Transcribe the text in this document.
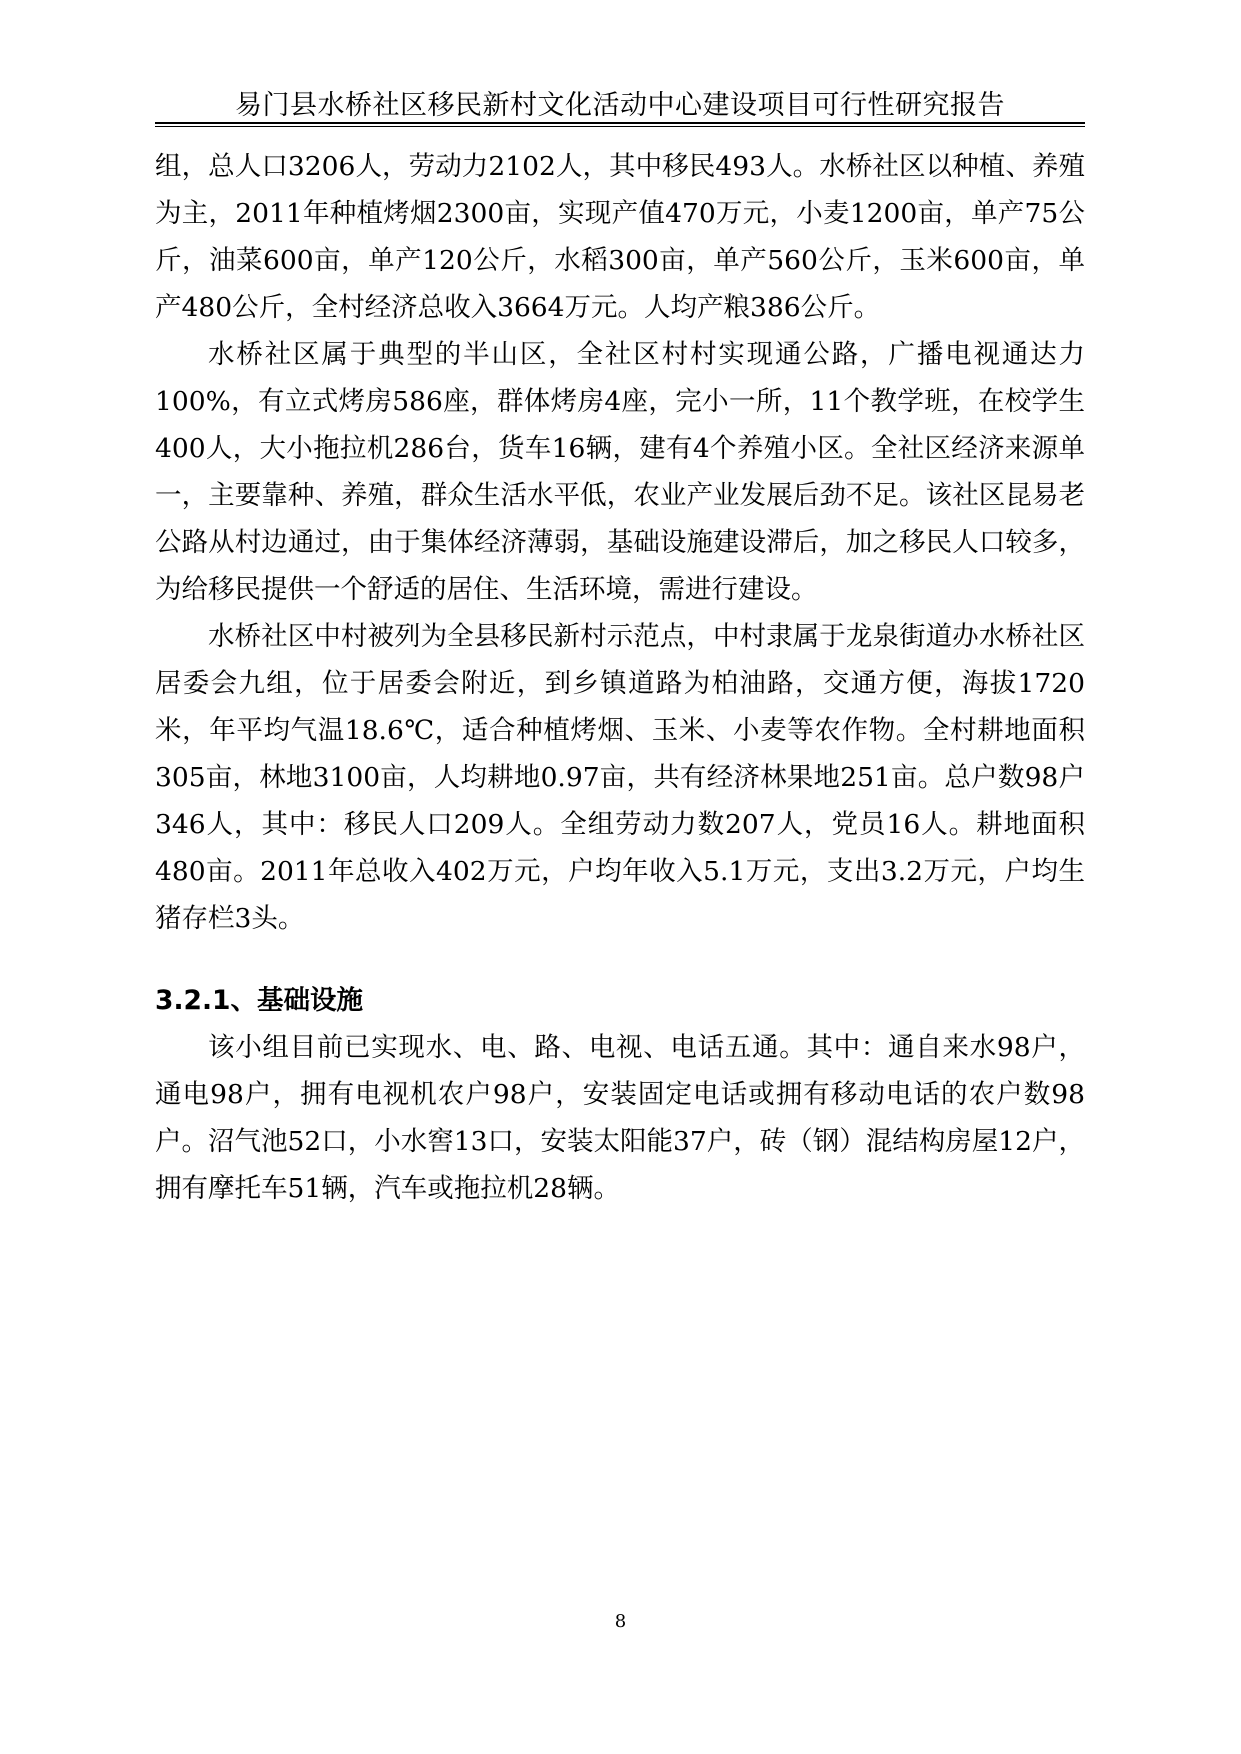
易门县水桥社区移民新村文化活动中心建设项目可行性研究报告

组，总人口3206人，劳动力2102人，其中移民493人。水桥社区以种植、养殖为主，2011年种植烤烟2300亩，实现产值470万元，小麦1200亩，单产75公斤，油菜600亩，单产120公斤，水稻300亩，单产560公斤，玉米600亩，单产480公斤，全村经济总收入3664万元。人均产粮386公斤。

水桥社区属于典型的半山区，全社区村村实现通公路，广播电视通达力100%，有立式烤房586座，群体烤房4座，完小一所，11个教学班，在校学生400人，大小拖拉机286台，货车16辆，建有4个养殖小区。全社区经济来源单一，主要靠种、养殖，群众生活水平低，农业产业发展后劲不足。该社区昆易老公路从村边通过，由于集体经济薄弱，基础设施建设滞后，加之移民人口较多，为给移民提供一个舒适的居住、生活环境，需进行建设。

水桥社区中村被列为全县移民新村示范点，中村隶属于龙泉街道办水桥社区居委会九组，位于居委会附近，到乡镇道路为柏油路，交通方便，海拔1720米，年平均气温18.6℃，适合种植烤烟、玉米、小麦等农作物。全村耕地面积305亩，林地3100亩，人均耕地0.97亩，共有经济林果地251亩。总户数98户346人，其中：移民人口209人。全组劳动力数207人，党员16人。耕地面积480亩。2011年总收入402万元，户均年收入5.1万元，支出3.2万元，户均生猪存栏3头。

3.2.1、基础设施

该小组目前已实现水、电、路、电视、电话五通。其中：通自来水98户，通电98户，拥有电视机农户98户，安装固定电话或拥有移动电话的农户数98户。沼气池52口，小水窖13口，安装太阳能37户，砖（钢）混结构房屋12户，拥有摩托车51辆，汽车或拖拉机28辆。

8
